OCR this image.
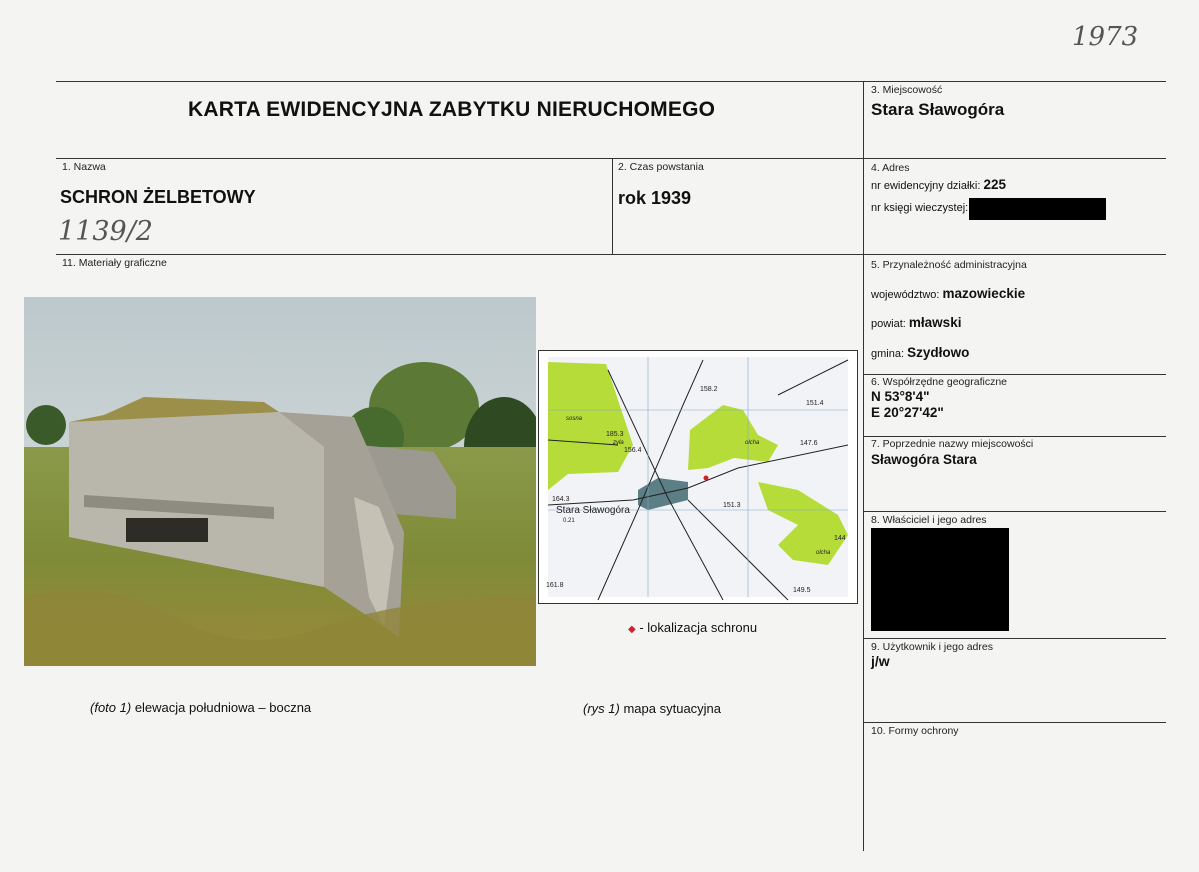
1973
KARTA EWIDENCYJNA ZABYTKU NIERUCHOMEGO
3. Miejscowość
Stara Sławogóra
1. Nazwa
SCHRON ŻELBETOWY
1139/2
2. Czas powstania
rok 1939
4. Adres
nr ewidencyjny działki: 225
nr księgi wieczystej:
11. Materiały graficzne	5. Przynależność administracyjna
województwo: mazowieckie
powiat: mławski
gmina: Szydłowo
6. Współrzędne geograficzne
N 53°8'4"
E 20°27'42"
7. Poprzednie nazwy miejscowości
Sławogóra Stara
8. Właściciel i jego adres
9. Użytkownik i jego adres
j/w
10. Formy ochrony
Stara Sławogóra
0.21
158.2
151.4
147.6
185.3
156.4
164.3
151.3
161.8
149.5
144
olcha
sosna
olcha
zyła
◆ - lokalizacja schronu
(foto 1) elewacja południowa – boczna	(rys 1) mapa sytuacyjna
